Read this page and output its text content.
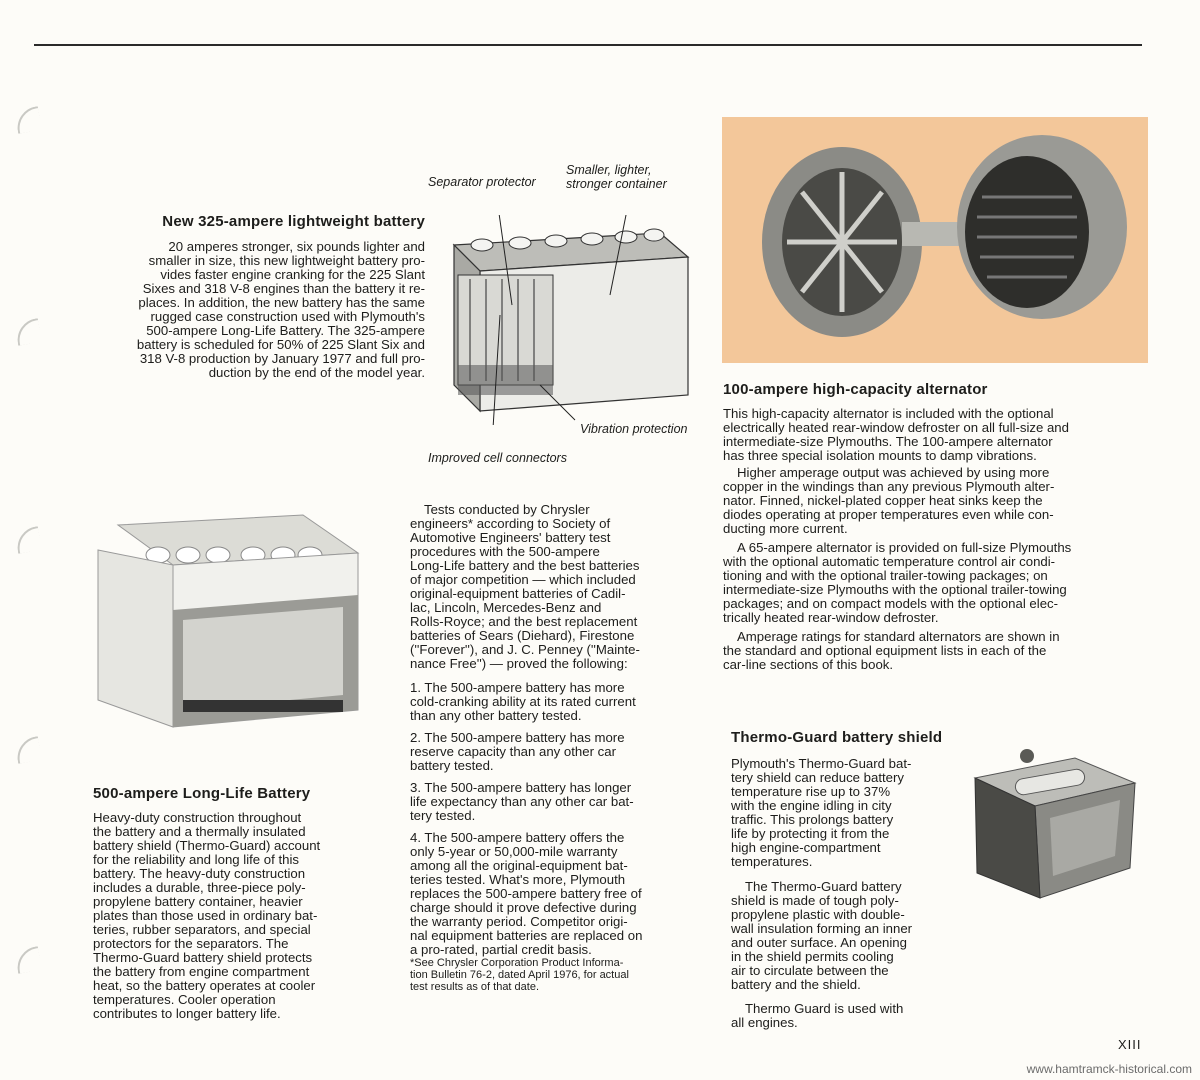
New 325-ampere lightweight battery

20 amperes stronger, six pounds lighter and
smaller in size, this new lightweight battery pro-
vides faster engine cranking for the 225 Slant
Sixes and 318 V-8 engines than the battery it re-
places. In addition, the new battery has the same
rugged case construction used with Plymouth's
500-ampere Long-Life Battery. The 325-ampere
battery is scheduled for 50% of 225 Slant Six and
318 V-8 production by January 1977 and full pro-
duction by the end of the model year.

Separator protector
Smaller, lighter,
stronger container
Vibration protection
Improved cell connectors
100-ampere high-capacity alternator

This high-capacity alternator is included with the optional
electrically heated rear-window defroster on all full-size and
intermediate-size Plymouths. The 100-ampere alternator
has three special isolation mounts to damp vibrations.

Higher amperage output was achieved by using more
copper in the windings than any previous Plymouth alter-
nator. Finned, nickel-plated copper heat sinks keep the
diodes operating at proper temperatures even while con-
ducting more current.

A 65-ampere alternator is provided on full-size Plymouths
with the optional automatic temperature control air condi-
tioning and with the optional trailer-towing packages; on
intermediate-size Plymouths with the optional trailer-towing
packages; and on compact models with the optional elec-
trically heated rear-window defroster.

Amperage ratings for standard alternators are shown in
the standard and optional equipment lists in each of the
car-line sections of this book.

500-ampere Long-Life Battery

Heavy-duty construction throughout
the battery and a thermally insulated
battery shield (Thermo-Guard) account
for the reliability and long life of this
battery. The heavy-duty construction
includes a durable, three-piece poly-
propylene battery container, heavier
plates than those used in ordinary bat-
teries, rubber separators, and special
protectors for the separators. The
Thermo-Guard battery shield protects
the battery from engine compartment
heat, so the battery operates at cooler
temperatures. Cooler operation
contributes to longer battery life.

Tests conducted by Chrysler
engineers* according to Society of
Automotive Engineers' battery test
procedures with the 500-ampere
Long-Life battery and the best batteries
of major competition — which included
original-equipment batteries of Cadil-
lac, Lincoln, Mercedes-Benz and
Rolls-Royce; and the best replacement
batteries of Sears (Diehard), Firestone
(''Forever''), and J. C. Penney (''Mainte-
nance Free'') — proved the following:

1. The 500-ampere battery has more
cold-cranking ability at its rated current
than any other battery tested.

2. The 500-ampere battery has more
reserve capacity than any other car
battery tested.

3. The 500-ampere battery has longer
life expectancy than any other car bat-
tery tested.

4. The 500-ampere battery offers the
only 5-year or 50,000-mile warranty
among all the original-equipment bat-
teries tested. What's more, Plymouth
replaces the 500-ampere battery free of
charge should it prove defective during
the warranty period. Competitor origi-
nal equipment batteries are replaced on
a pro-rated, partial credit basis.

*See Chrysler Corporation Product Informa-
tion Bulletin 76-2, dated April 1976, for actual
test results as of that date.

Thermo-Guard battery shield

Plymouth's Thermo-Guard bat-
tery shield can reduce battery
temperature rise up to 37%
with the engine idling in city
traffic. This prolongs battery
life by protecting it from the
high engine-compartment
temperatures.

The Thermo-Guard battery
shield is made of tough poly-
propylene plastic with double-
wall insulation forming an inner
and outer surface. An opening
in the shield permits cooling
air to circulate between the
battery and the shield.

Thermo Guard is used with
all engines.

XIII
www.hamtramck-historical.com
